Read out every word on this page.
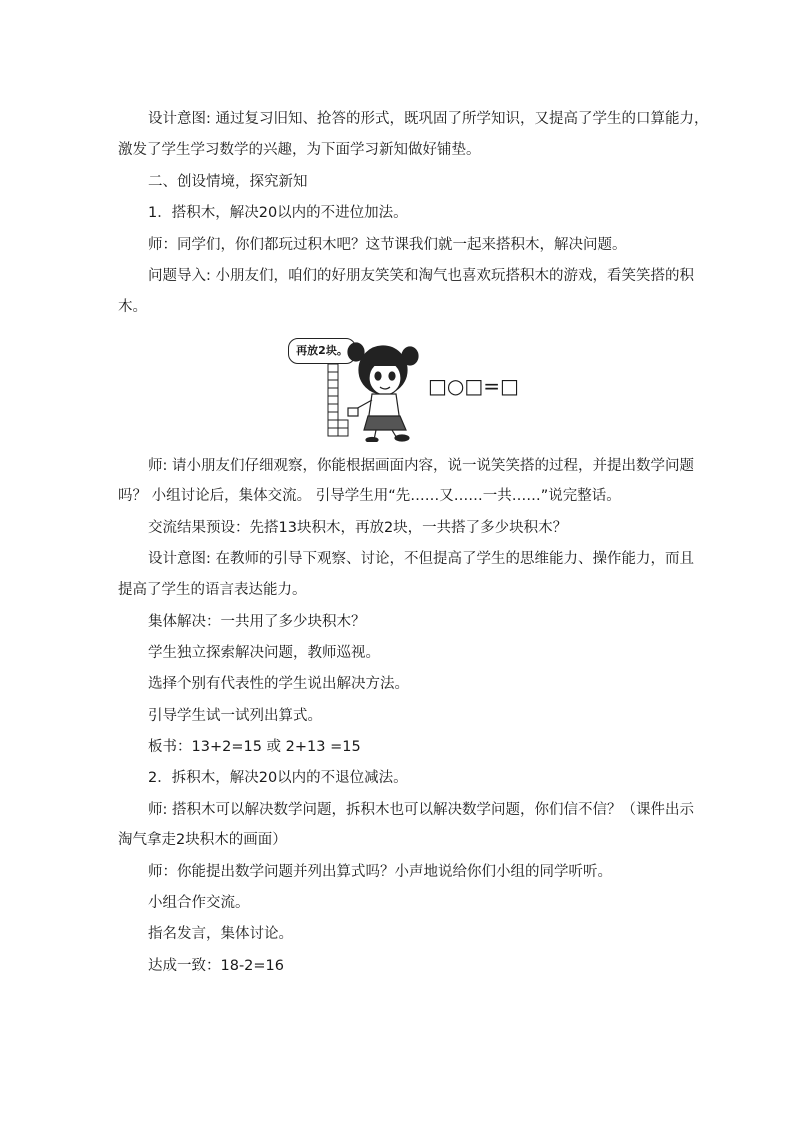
设计意图: 通过复习旧知、抢答的形式，既巩固了所学知识，又提高了学生的口算能力，
激发了学生学习数学的兴趣，为下面学习新知做好铺垫。
二、创设情境，探究新知
1．搭积木，解决20以内的不进位加法。
师：同学们，你们都玩过积木吧？这节课我们就一起来搭积木，解决问题。
问题导入: 小朋友们，咱们的好朋友笑笑和淘气也喜欢玩搭积木的游戏，看笑笑搭的积
木。
再放2块。
□○□=□
师: 请小朋友们仔细观察，你能根据画面内容，说一说笑笑搭的过程，并提出数学问题
吗？ 小组讨论后，集体交流。 引导学生用“先……又……一共……”说完整话。
交流结果预设：先搭13块积木，再放2块，一共搭了多少块积木？
设计意图: 在教师的引导下观察、讨论，不但提高了学生的思维能力、操作能力，而且
提高了学生的语言表达能力。
集体解决：一共用了多少块积木？
学生独立探索解决问题，教师巡视。
选择个别有代表性的学生说出解决方法。
引导学生试一试列出算式。
板书：13+2=15 或 2+13 =15
2．拆积木，解决20以内的不退位减法。
师: 搭积木可以解决数学问题，拆积木也可以解决数学问题，你们信不信？（课件出示
淘气拿走2块积木的画面）
师：你能提出数学问题并列出算式吗？小声地说给你们小组的同学听听。
小组合作交流。
指名发言，集体讨论。
达成一致：18-2=16
